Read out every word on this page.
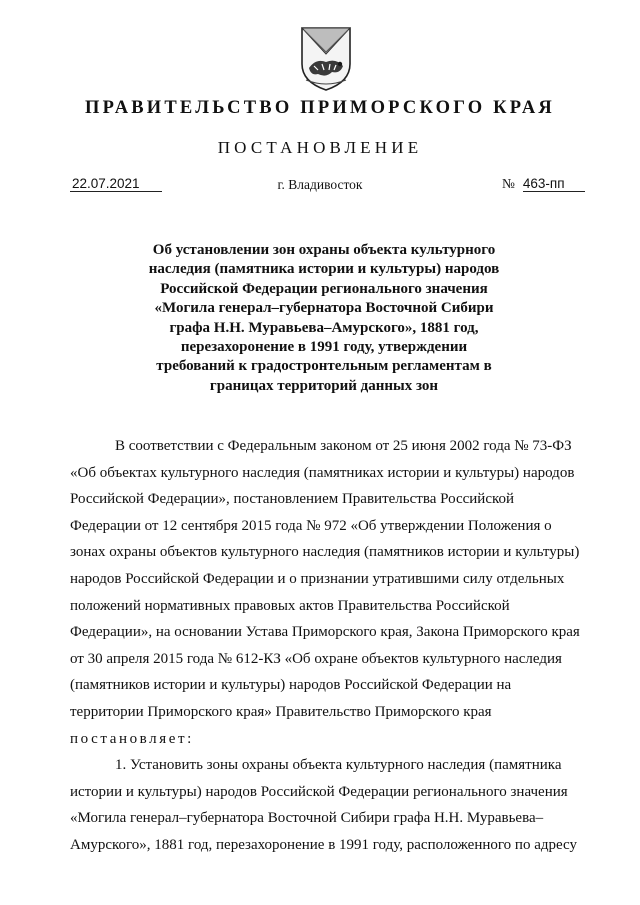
ПРАВИТЕЛЬСТВО ПРИМОРСКОГО КРАЯ
ПОСТАНОВЛЕНИЕ
22.07.2021	г. Владивосток	№ 463-пп
Об установлении зон охраны объекта культурного
наследия (памятника истории и культуры) народов
Российской Федерации регионального значения
«Могила генерал–губернатора Восточной Сибири
графа Н.Н. Муравьева–Амурского», 1881 год,
перезахоронение в 1991 году, утверждении
требований к градостронтельным регламентам в
границах территорий данных зон
В соответствии с Федеральным законом от 25 июня 2002 года № 73-ФЗ
«Об объектах культурного наследия (памятниках истории и культуры) народов
Российской Федерации», постановлением Правительства Российской
Федерации от 12 сентября 2015 года № 972 «Об утверждении Положения о
зонах охраны объектов культурного наследия (памятников истории и культуры)
народов Российской Федерации и о признании утратившими силу отдельных
положений нормативных правовых актов Правительства Российской
Федерации», на основании Устава Приморского края, Закона Приморского края
от 30 апреля 2015 года № 612-КЗ «Об охране объектов культурного наследия
(памятников истории и культуры) народов Российской Федерации на
территории Приморского края» Правительство Приморского края
постановляет:
1. Установить зоны охраны объекта культурного наследия (памятника
истории и культуры) народов Российской Федерации регионального значения
«Могила генерал–губернатора Восточной Сибири графа Н.Н. Муравьева–
Амурского», 1881 год, перезахоронение в 1991 году, расположенного по адресу
